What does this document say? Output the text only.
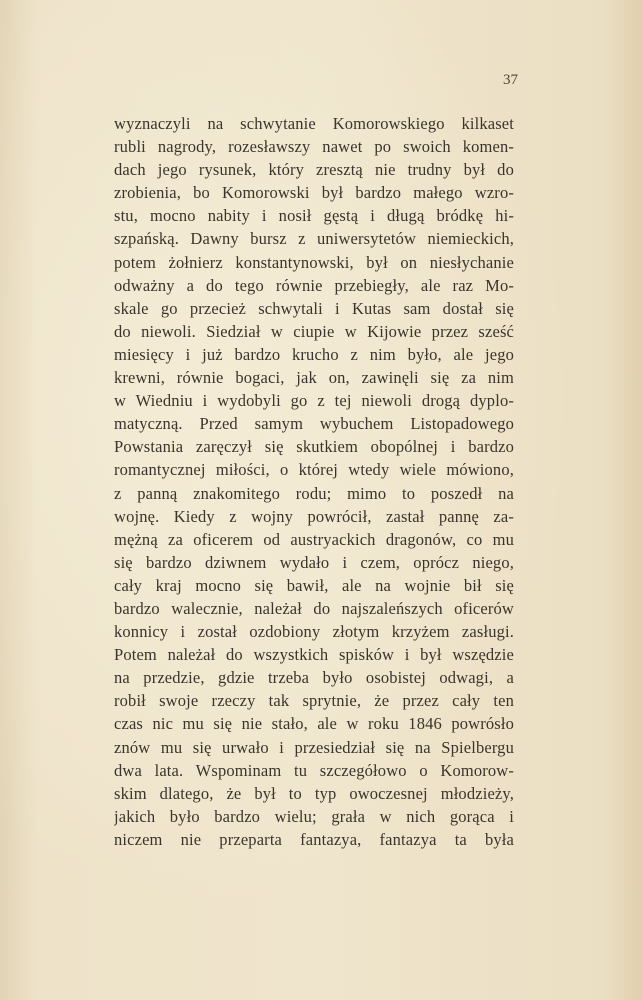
37
wyznaczyli na schwytanie Komorowskiego kilkaset
rubli nagrody, rozesławszy nawet po swoich komen-
dach jego rysunek, który zresztą nie trudny był do
zrobienia, bo Komorowski był bardzo małego wzro-
stu, mocno nabity i nosił gęstą i długą bródkę hi-
szpańską. Dawny bursz z uniwersytetów niemieckich,
potem żołnierz konstantynowski, był on niesłychanie
odważny a do tego równie przebiegły, ale raz Mo-
skale go przecież schwytali i Kutas sam dostał się
do niewoli. Siedział w ciupie w Kijowie przez sześć
miesięcy i już bardzo krucho z nim było, ale jego
krewni, równie bogaci, jak on, zawinęli się za nim
w Wiedniu i wydobyli go z tej niewoli drogą dyplo-
matyczną. Przed samym wybuchem Listopadowego
Powstania zaręczył się skutkiem obopólnej i bardzo
romantycznej miłości, o której wtedy wiele mówiono,
z panną znakomitego rodu; mimo to poszedł na
wojnę. Kiedy z wojny powrócił, zastał pannę za-
mężną za oficerem od austryackich dragonów, co mu
się bardzo dziwnem wydało i czem, oprócz niego,
cały kraj mocno się bawił, ale na wojnie bił się
bardzo walecznie, należał do najszaleńszych oficerów
konnicy i został ozdobiony złotym krzyżem zasługi.
Potem należał do wszystkich spisków i był wszędzie
na przedzie, gdzie trzeba było osobistej odwagi, a
robił swoje rzeczy tak sprytnie, że przez cały ten
czas nic mu się nie stało, ale w roku 1846 powrósło
znów mu się urwało i przesiedział się na Spielbergu
dwa lata. Wspominam tu szczegółowo o Komorow-
skim dlatego, że był to typ owoczesnej młodzieży,
jakich było bardzo wielu; grała w nich gorąca i
niczem nie przeparta fantazya, fantazya ta była
